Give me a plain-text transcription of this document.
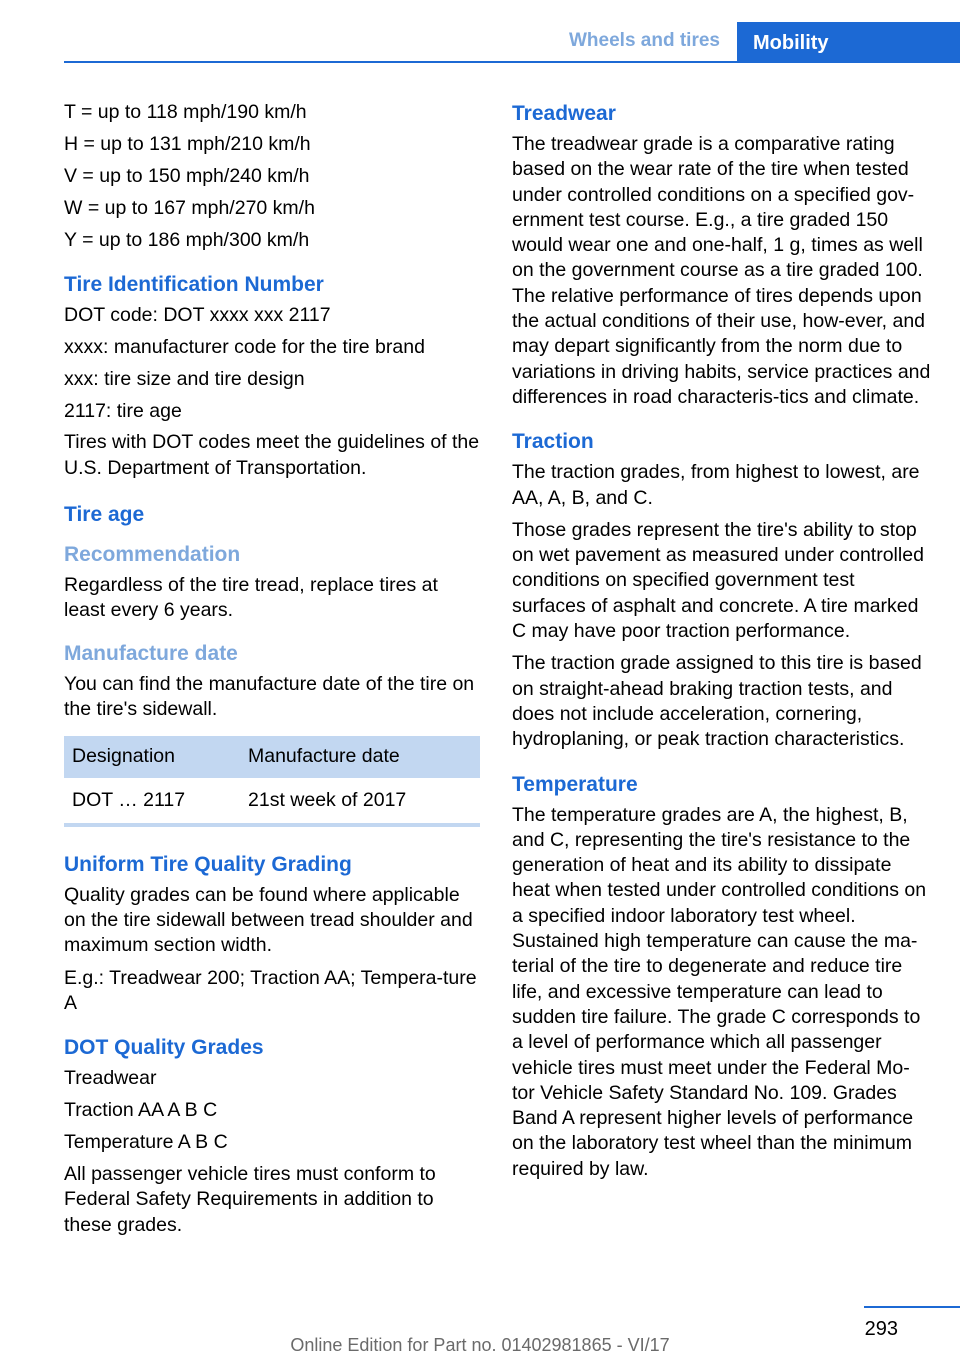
Wheels and tires	Mobility

T = up to 118 mph/190 km/h

H = up to 131 mph/210 km/h

V = up to 150 mph/240 km/h

W = up to 167 mph/270 km/h

Y = up to 186 mph/300 km/h

Tire Identification Number

DOT code: DOT xxxx xxx 2117

xxxx: manufacturer code for the tire brand

xxx: tire size and tire design

2117: tire age

Tires with DOT codes meet the guidelines of the U.S. Department of Transportation.

Tire age
Recommendation

Regardless of the tire tread, replace tires at least every 6 years.

Manufacture date

You can find the manufacture date of the tire on the tire's sidewall.

Designation	Manufacture date
DOT … 2117	21st week of 2017
Uniform Tire Quality Grading

Quality grades can be found where applicable on the tire sidewall between tread shoulder and maximum section width.

E.g.: Treadwear 200; Traction AA; Tempera‐ture A

DOT Quality Grades

Treadwear

Traction AA A B C

Temperature A B C

All passenger vehicle tires must conform to Federal Safety Requirements in addition to these grades.

Treadwear

The treadwear grade is a comparative rating based on the wear rate of the tire when tested under controlled conditions on a specified gov‐ernment test course. E.g., a tire graded 150 would wear one and one-half, 1 g, times as well on the government course as a tire graded 100. The relative performance of tires depends upon the actual conditions of their use, how‐ever, and may depart significantly from the norm due to variations in driving habits, service practices and differences in road characteris‐tics and climate.

Traction

The traction grades, from highest to lowest, are AA, A, B, and C.

Those grades represent the tire's ability to stop on wet pavement as measured under controlled conditions on specified government test surfaces of asphalt and concrete. A tire marked C may have poor traction performance.

The traction grade assigned to this tire is based on straight-ahead braking traction tests, and does not include acceleration, cornering, hydroplaning, or peak traction characteristics.

Temperature

The temperature grades are A, the highest, B, and C, representing the tire's resistance to the generation of heat and its ability to dissipate heat when tested under controlled conditions on a specified indoor laboratory test wheel. Sustained high temperature can cause the ma‐terial of the tire to degenerate and reduce tire life, and excessive temperature can lead to sudden tire failure. The grade C corresponds to a level of performance which all passenger vehicle tires must meet under the Federal Mo‐tor Vehicle Safety Standard No. 109. Grades Band A represent higher levels of performance on the laboratory test wheel than the minimum required by law.

293
Online Edition for Part no. 01402981865 - VI/17
